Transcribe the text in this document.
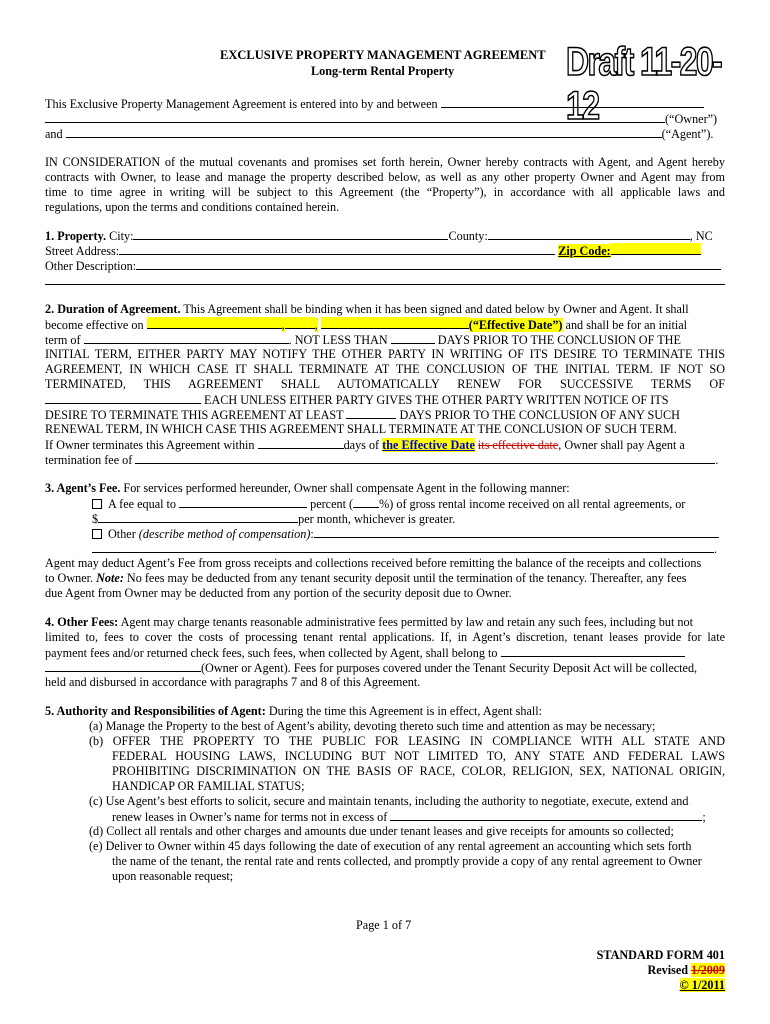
EXCLUSIVE PROPERTY MANAGEMENT AGREEMENT
Long-term Rental Property	Draft 11-20-12
This Exclusive Property Management Agreement is entered into by and between
(“Owner”)
and	(“Agent”).
IN CONSIDERATION of the mutual covenants and promises set forth herein, Owner hereby contracts with Agent, and Agent hereby
contracts with Owner, to lease and manage the property described below, as well as any other property Owner and Agent may from
time to time agree in writing will be subject to this Agreement (the “Property”), in accordance with all applicable laws and
regulations, upon the terms and conditions contained herein.
1. Property. City:	County:	, NC
Street Address:	Zip Code:
Other Description:
2. Duration of Agreement. This Agreement shall be binding when it has been signed and dated below by Owner and Agent. It shall
become effective on	, ,	(“Effective Date”) and shall be for an initial
term of	. NOT LESS THAN	DAYS PRIOR TO THE CONCLUSION OF THE
INITIAL TERM, EITHER PARTY MAY NOTIFY THE OTHER PARTY IN WRITING OF ITS DESIRE TO TERMINATE THIS
AGREEMENT, IN WHICH CASE IT SHALL TERMINATE AT THE CONCLUSION OF THE INITIAL TERM. IF NOT SO
TERMINATED, THIS AGREEMENT SHALL AUTOMATICALLY RENEW FOR SUCCESSIVE TERMS OF
EACH UNLESS EITHER PARTY GIVES THE OTHER PARTY WRITTEN NOTICE OF ITS
DESIRE TO TERMINATE THIS AGREEMENT AT LEAST	DAYS PRIOR TO THE CONCLUSION OF ANY SUCH
RENEWAL TERM, IN WHICH CASE THIS AGREEMENT SHALL TERMINATE AT THE CONCLUSION OF SUCH TERM.
If Owner terminates this Agreement within	days of the Effective Date its effective date, Owner shall pay Agent a
termination fee of	.
3. Agent’s Fee. For services performed hereunder, Owner shall compensate Agent in the following manner:
A fee equal to	percent ( %) of gross rental income received on all rental agreements, or
$	per month, whichever is greater.
Other (describe method of compensation):
.
Agent may deduct Agent’s Fee from gross receipts and collections received before remitting the balance of the receipts and collections
to Owner. Note: No fees may be deducted from any tenant security deposit until the termination of the tenancy. Thereafter, any fees
due Agent from Owner may be deducted from any portion of the security deposit due to Owner.
4. Other Fees: Agent may charge tenants reasonable administrative fees permitted by law and retain any such fees, including but not
limited to, fees to cover the costs of processing tenant rental applications. If, in Agent’s discretion, tenant leases provide for late
payment fees and/or returned check fees, such fees, when collected by Agent, shall belong to
(Owner or Agent). Fees for purposes covered under the Tenant Security Deposit Act will be collected,
held and disbursed in accordance with paragraphs 7 and 8 of this Agreement.
5. Authority and Responsibilities of Agent: During the time this Agreement is in effect, Agent shall:
(a) Manage the Property to the best of Agent’s ability, devoting thereto such time and attention as may be necessary;
(b) OFFER THE PROPERTY TO THE PUBLIC FOR LEASING IN COMPLIANCE WITH ALL STATE AND
FEDERAL HOUSING LAWS, INCLUDING BUT NOT LIMITED TO, ANY STATE AND FEDERAL LAWS
PROHIBITING DISCRIMINATION ON THE BASIS OF RACE, COLOR, RELIGION, SEX, NATIONAL ORIGIN,
HANDICAP OR FAMILIAL STATUS;
(c) Use Agent’s best efforts to solicit, secure and maintain tenants, including the authority to negotiate, execute, extend and
renew leases in Owner’s name for terms not in excess of	;
(d) Collect all rentals and other charges and amounts due under tenant leases and give receipts for amounts so collected;
(e) Deliver to Owner within 45 days following the date of execution of any rental agreement an accounting which sets forth
the name of the tenant, the rental rate and rents collected, and promptly provide a copy of any rental agreement to Owner
upon reasonable request;
Page 1 of 7
STANDARD FORM 401
Revised 1/2009
© 1/2011
